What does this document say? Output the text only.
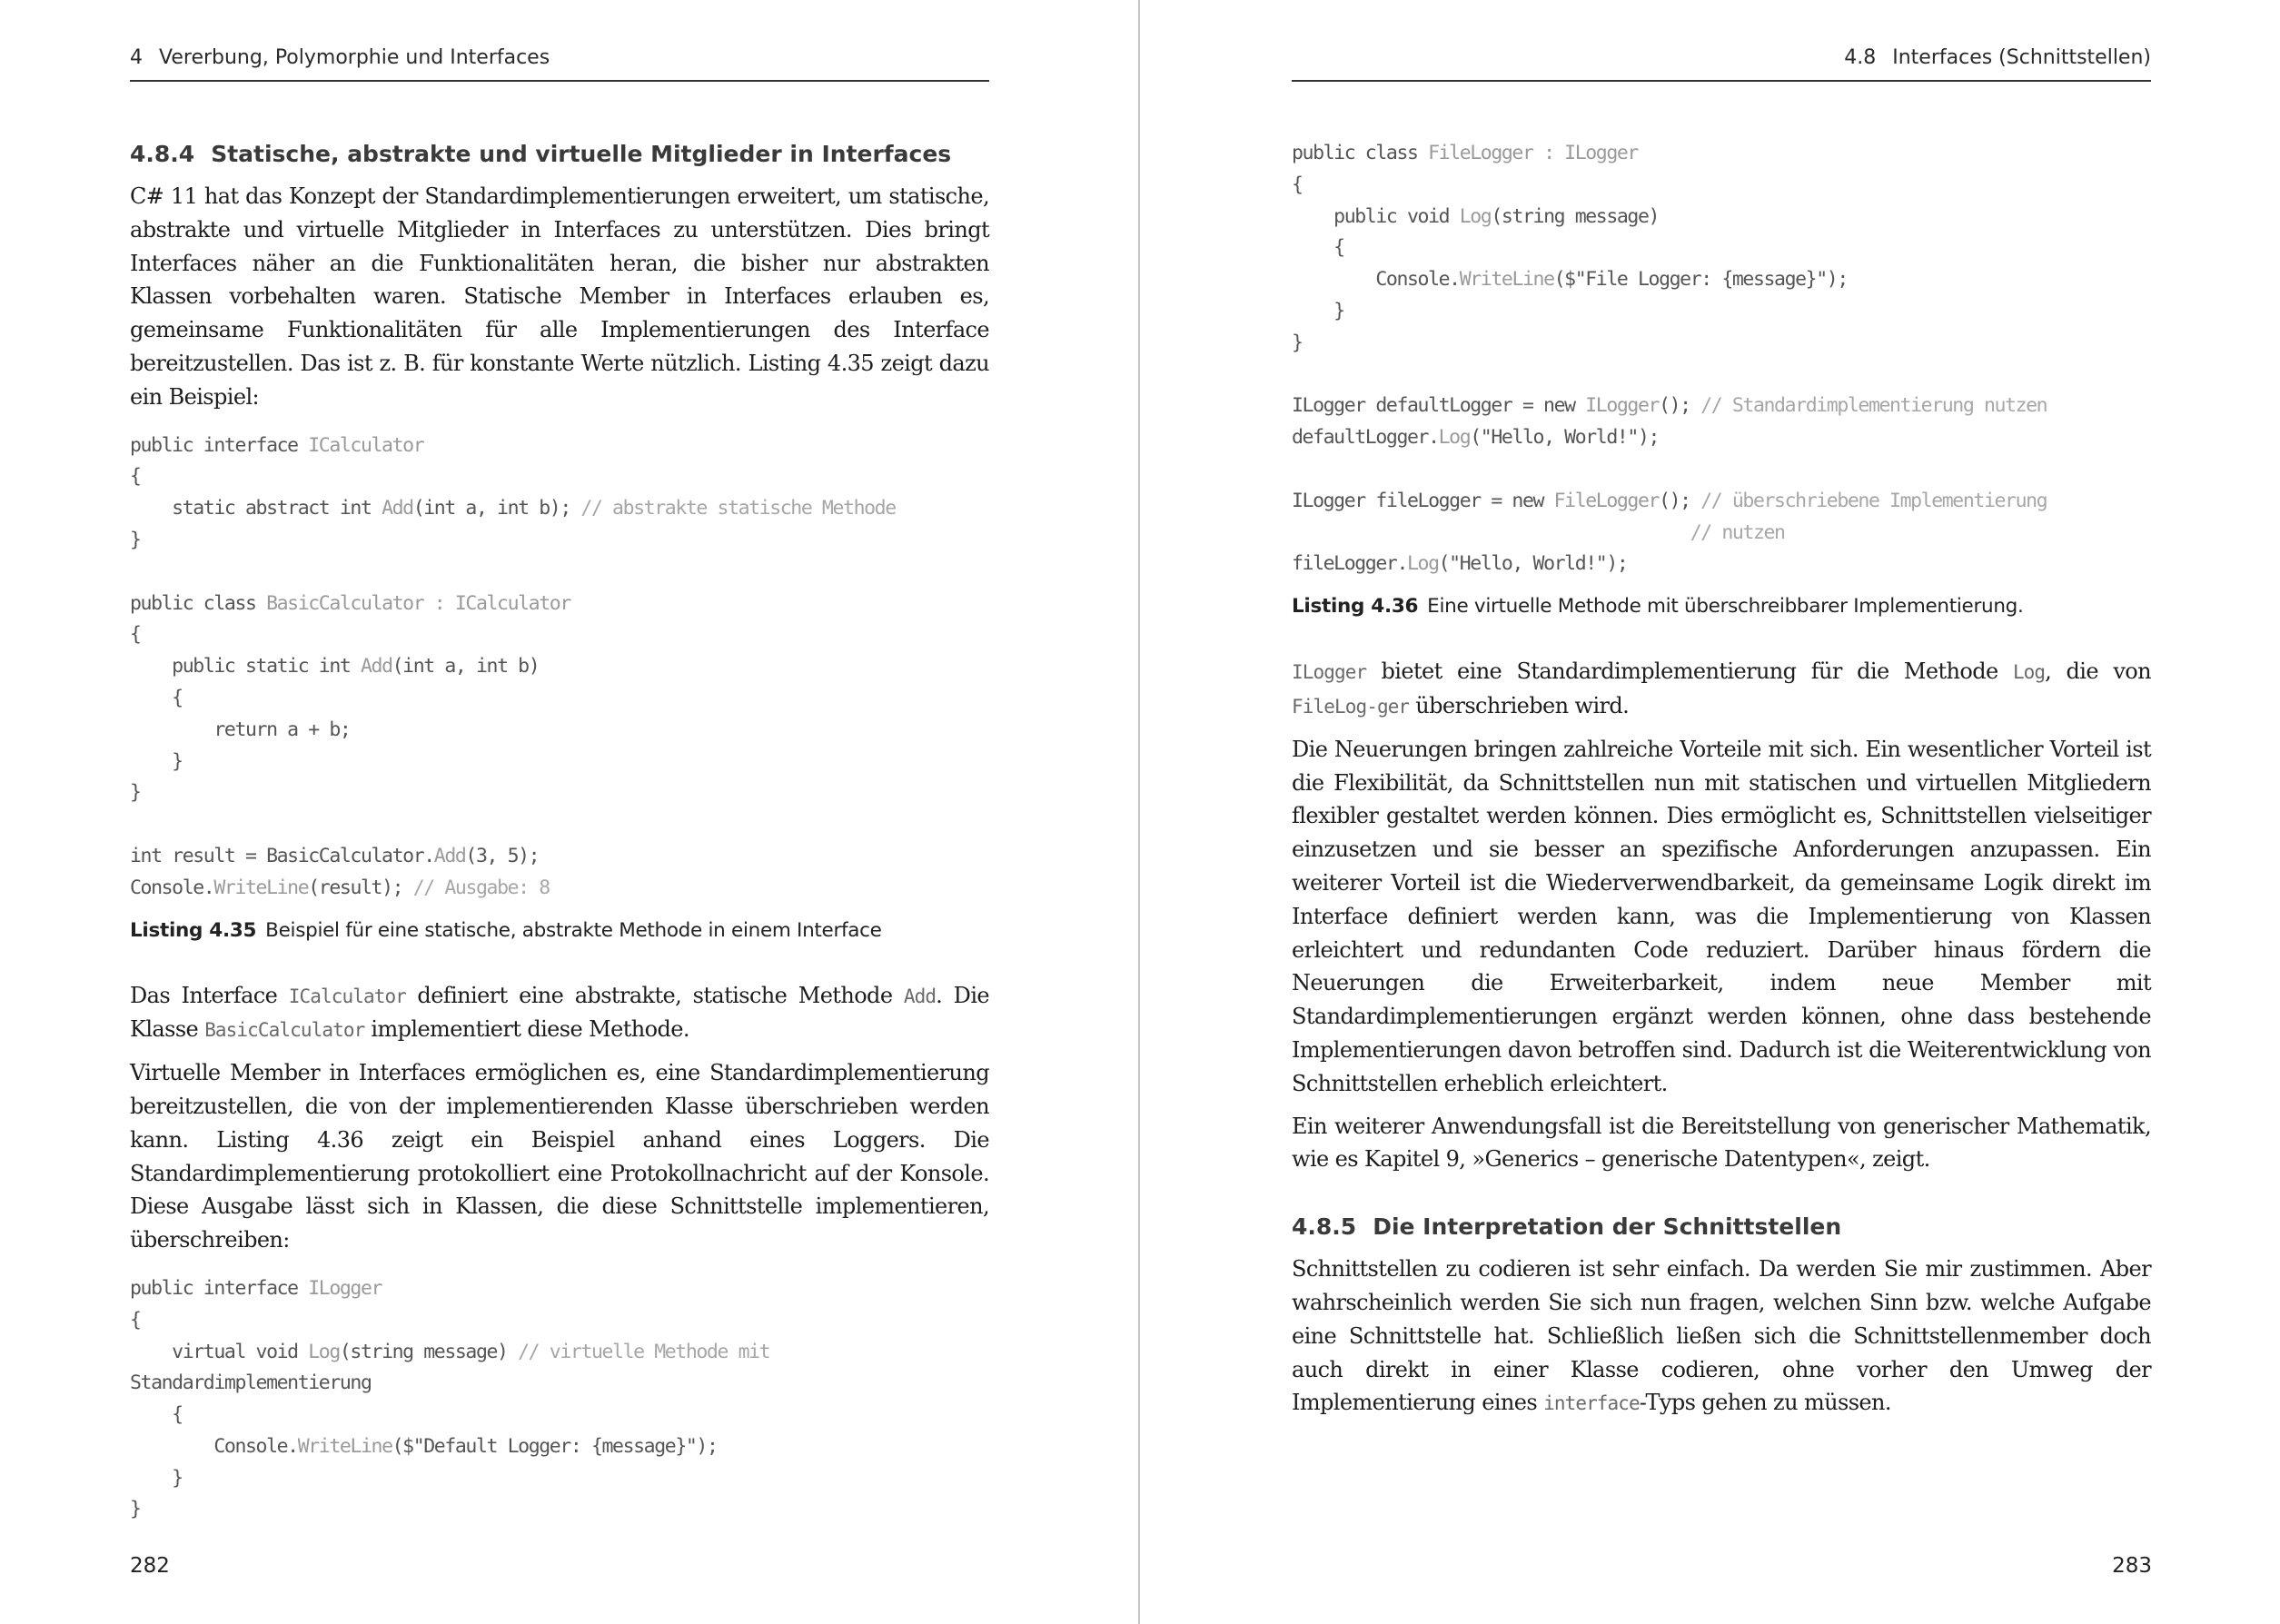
4 Vererbung, Polymorphie und Interfaces
4.8.4 Statische, abstrakte und virtuelle Mitglieder in Interfaces

C# 11 hat das Konzept der Standardimplementierungen erweitert, um statische, abstrakte und virtuelle Mitglieder in Interfaces zu unterstützen. Dies bringt Interfaces näher an die Funktionalitäten heran, die bisher nur abstrakten Klassen vorbehalten waren. Statische Member in Interfaces erlauben es, gemeinsame Funktionalitäten für alle Implementierungen des Interface bereitzustellen. Das ist z. B. für konstante Werte nützlich. Listing 4.35 zeigt dazu ein Beispiel:

public interface ICalculator
{
static abstract int Add(int a, int b); // abstrakte statische Methode
}

public class BasicCalculator : ICalculator
{
public static int Add(int a, int b)
{
return a + b;
}
}

int result = BasicCalculator.Add(3, 5);
Console.WriteLine(result); // Ausgabe: 8
Listing 4.35 Beispiel für eine statische, abstrakte Methode in einem Interface

Das Interface ICalculator definiert eine abstrakte, statische Methode Add. Die Klasse BasicCalculator implementiert diese Methode.

Virtuelle Member in Interfaces ermöglichen es, eine Standardimplementierung bereitzustellen, die von der implementierenden Klasse überschrieben werden kann. Listing 4.36 zeigt ein Beispiel anhand eines Loggers. Die Standardimplementierung protokolliert eine Protokollnachricht auf der Konsole. Diese Ausgabe lässt sich in Klassen, die diese Schnittstelle implementieren, überschreiben:

public interface ILogger
{
virtual void Log(string message) // virtuelle Methode mit
Standardimplementierung
{
Console.WriteLine($"Default Logger: {message}");
}
}
282
4.8 Interfaces (Schnittstellen)
public class FileLogger : ILogger
{
public void Log(string message)
{
Console.WriteLine($"File Logger: {message}");
}
}

ILogger defaultLogger = new ILogger(); // Standardimplementierung nutzen
defaultLogger.Log("Hello, World!");

ILogger fileLogger = new FileLogger(); // überschriebene Implementierung
// nutzen
fileLogger.Log("Hello, World!");
Listing 4.36 Eine virtuelle Methode mit überschreibbarer Implementierung.

ILogger bietet eine Standardimplementierung für die Methode Log, die von FileLog-ger überschrieben wird.

Die Neuerungen bringen zahlreiche Vorteile mit sich. Ein wesentlicher Vorteil ist die Flexibilität, da Schnittstellen nun mit statischen und virtuellen Mitgliedern flexibler gestaltet werden können. Dies ermöglicht es, Schnittstellen vielseitiger einzusetzen und sie besser an spezifische Anforderungen anzupassen. Ein weiterer Vorteil ist die Wiederverwendbarkeit, da gemeinsame Logik direkt im Interface definiert werden kann, was die Implementierung von Klassen erleichtert und redundanten Code reduziert. Darüber hinaus fördern die Neuerungen die Erweiterbarkeit, indem neue Member mit Standardimplementierungen ergänzt werden können, ohne dass bestehende Implementierungen davon betroffen sind. Dadurch ist die Weiterentwicklung von Schnittstellen erheblich erleichtert.

Ein weiterer Anwendungsfall ist die Bereitstellung von generischer Mathematik, wie es Kapitel 9, »Generics – generische Datentypen«, zeigt.

4.8.5 Die Interpretation der Schnittstellen

Schnittstellen zu codieren ist sehr einfach. Da werden Sie mir zustimmen. Aber wahrscheinlich werden Sie sich nun fragen, welchen Sinn bzw. welche Aufgabe eine Schnittstelle hat. Schließlich ließen sich die Schnittstellenmember doch auch direkt in einer Klasse codieren, ohne vorher den Umweg der Implementierung eines interface-Typs gehen zu müssen.

283
